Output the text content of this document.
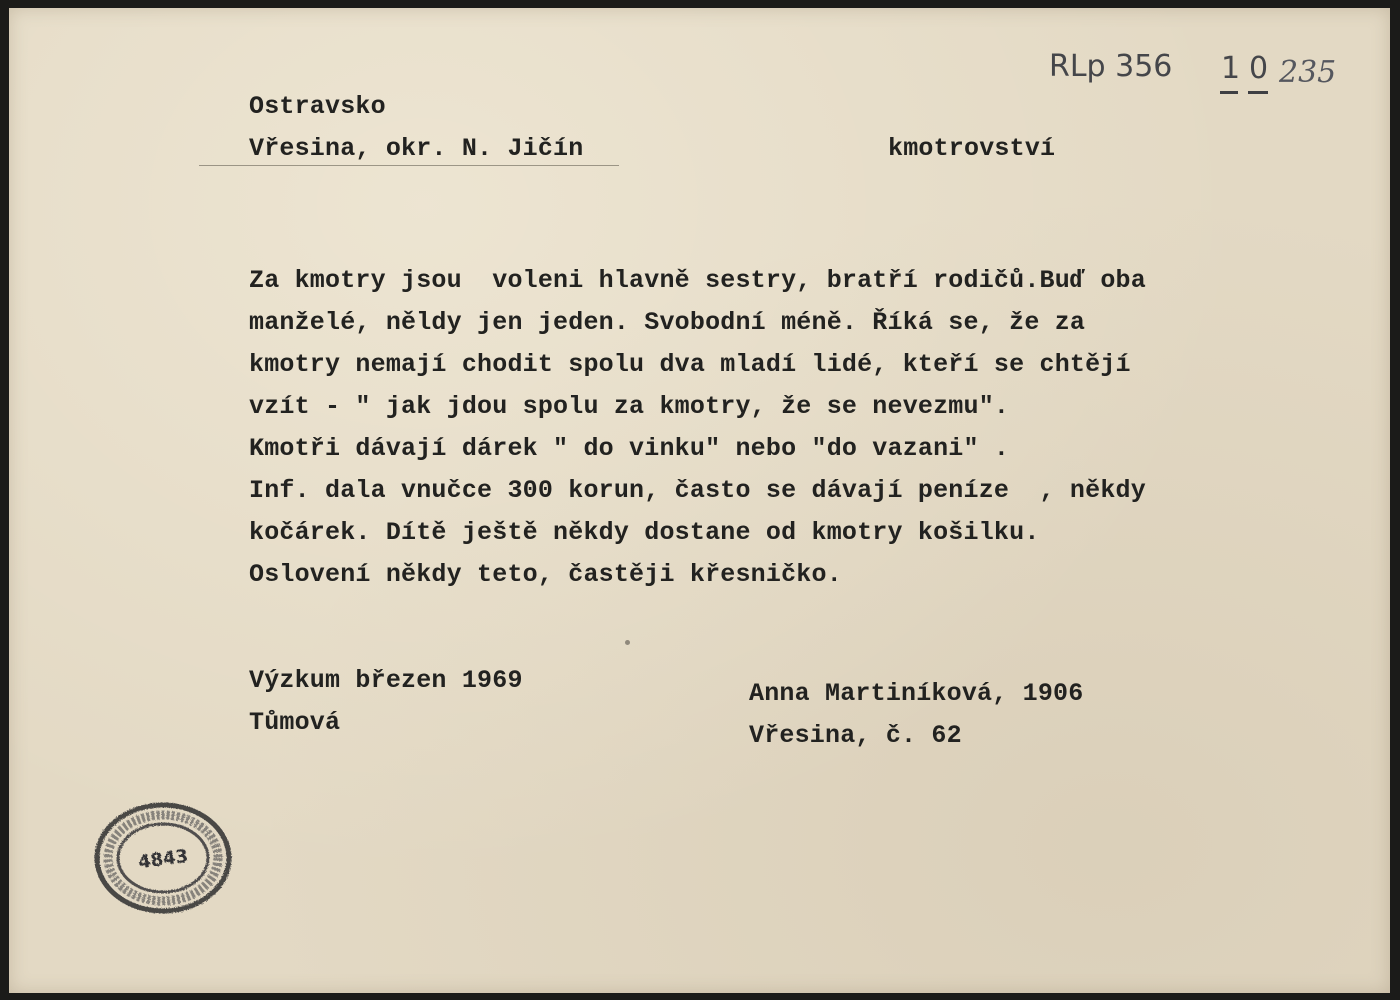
RLp 356 1 0 235
Ostravsko
Vřesina, okr. N. Jičín	kmotrovství
Za kmotry jsou  voleni hlavně sestry, bratří rodičů.Buď oba
manželé, něldy jen jeden. Svobodní méně. Říká se, že za
kmotry nemají chodit spolu dva mladí lidé, kteří se chtějí
vzít - " jak jdou spolu za kmotry, že se nevezmu".
Kmotři dávají dárek " do vinku" nebo "do vazani" .
Inf. dala vnučce 300 korun, často se dávají peníze  , někdy
kočárek. Dítě ještě někdy dostane od kmotry košilku.
Oslovení někdy teto, častěji křesničko.
Výzkum březen 1969
Tůmová
Anna Martiníková, 1906
Vřesina, č. 62
4843
